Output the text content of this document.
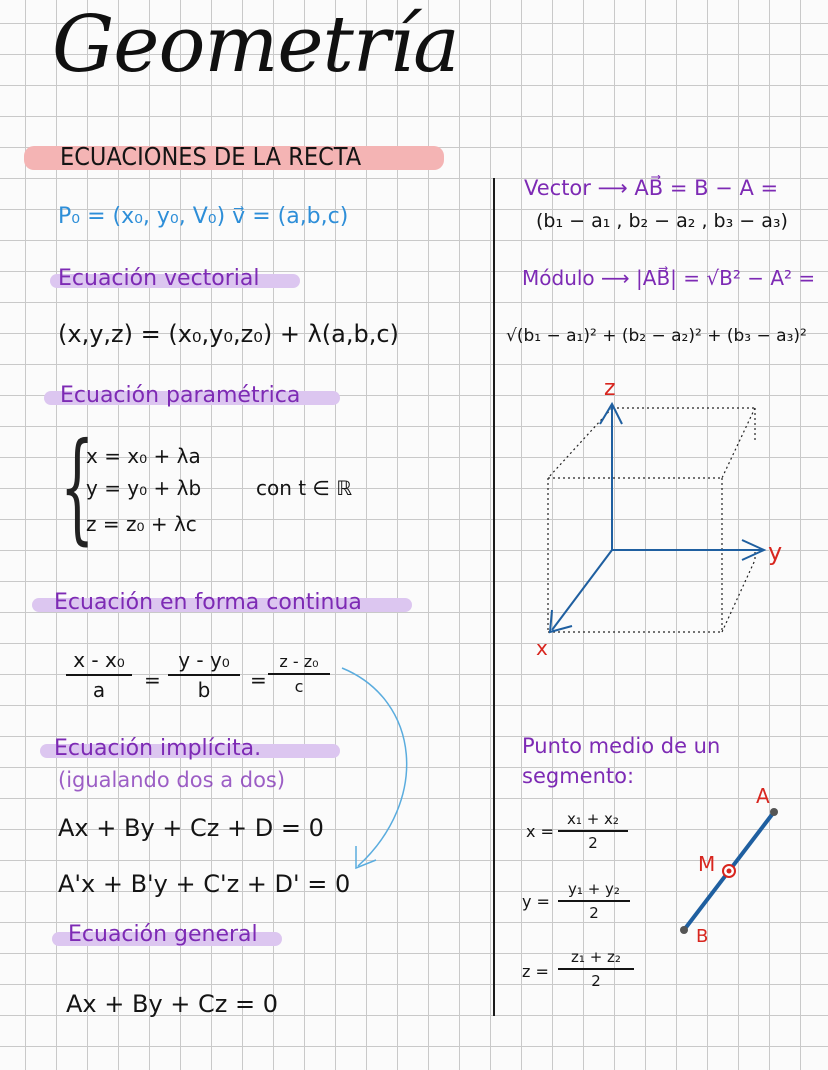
Geometría
ECUACIONES DE LA RECTA
P₀ = (x₀, y₀, V₀) v⃗ = (a,b,c)
Ecuación vectorial
(x,y,z) = (x₀,y₀,z₀) + λ(a,b,c)
Ecuación paramétrica
{
x = x₀ + λa
y = y₀ + λb
z = z₀ + λc
con t ∈ ℝ
Ecuación en forma continua
x - x₀
a	=
y - y₀
b	=
z - z₀
c
Ecuación implícita.
(igualando dos a dos)
Ax + By + Cz + D = 0
A'x + B'y + C'z + D' = 0
Ecuación general
Ax + By + Cz = 0
Vector ⟶ AB⃗ = B − A =
(b₁ − a₁ , b₂ − a₂ , b₃ − a₃)
Módulo ⟶ |AB⃗| = √B² − A² =
√(b₁ − a₁)² + (b₂ − a₂)² + (b₃ − a₃)²
z
y
x
Punto medio de un
segmento:
x =
x₁ + x₂
2
y =
y₁ + y₂
2
z =
z₁ + z₂
2
A
M
B
